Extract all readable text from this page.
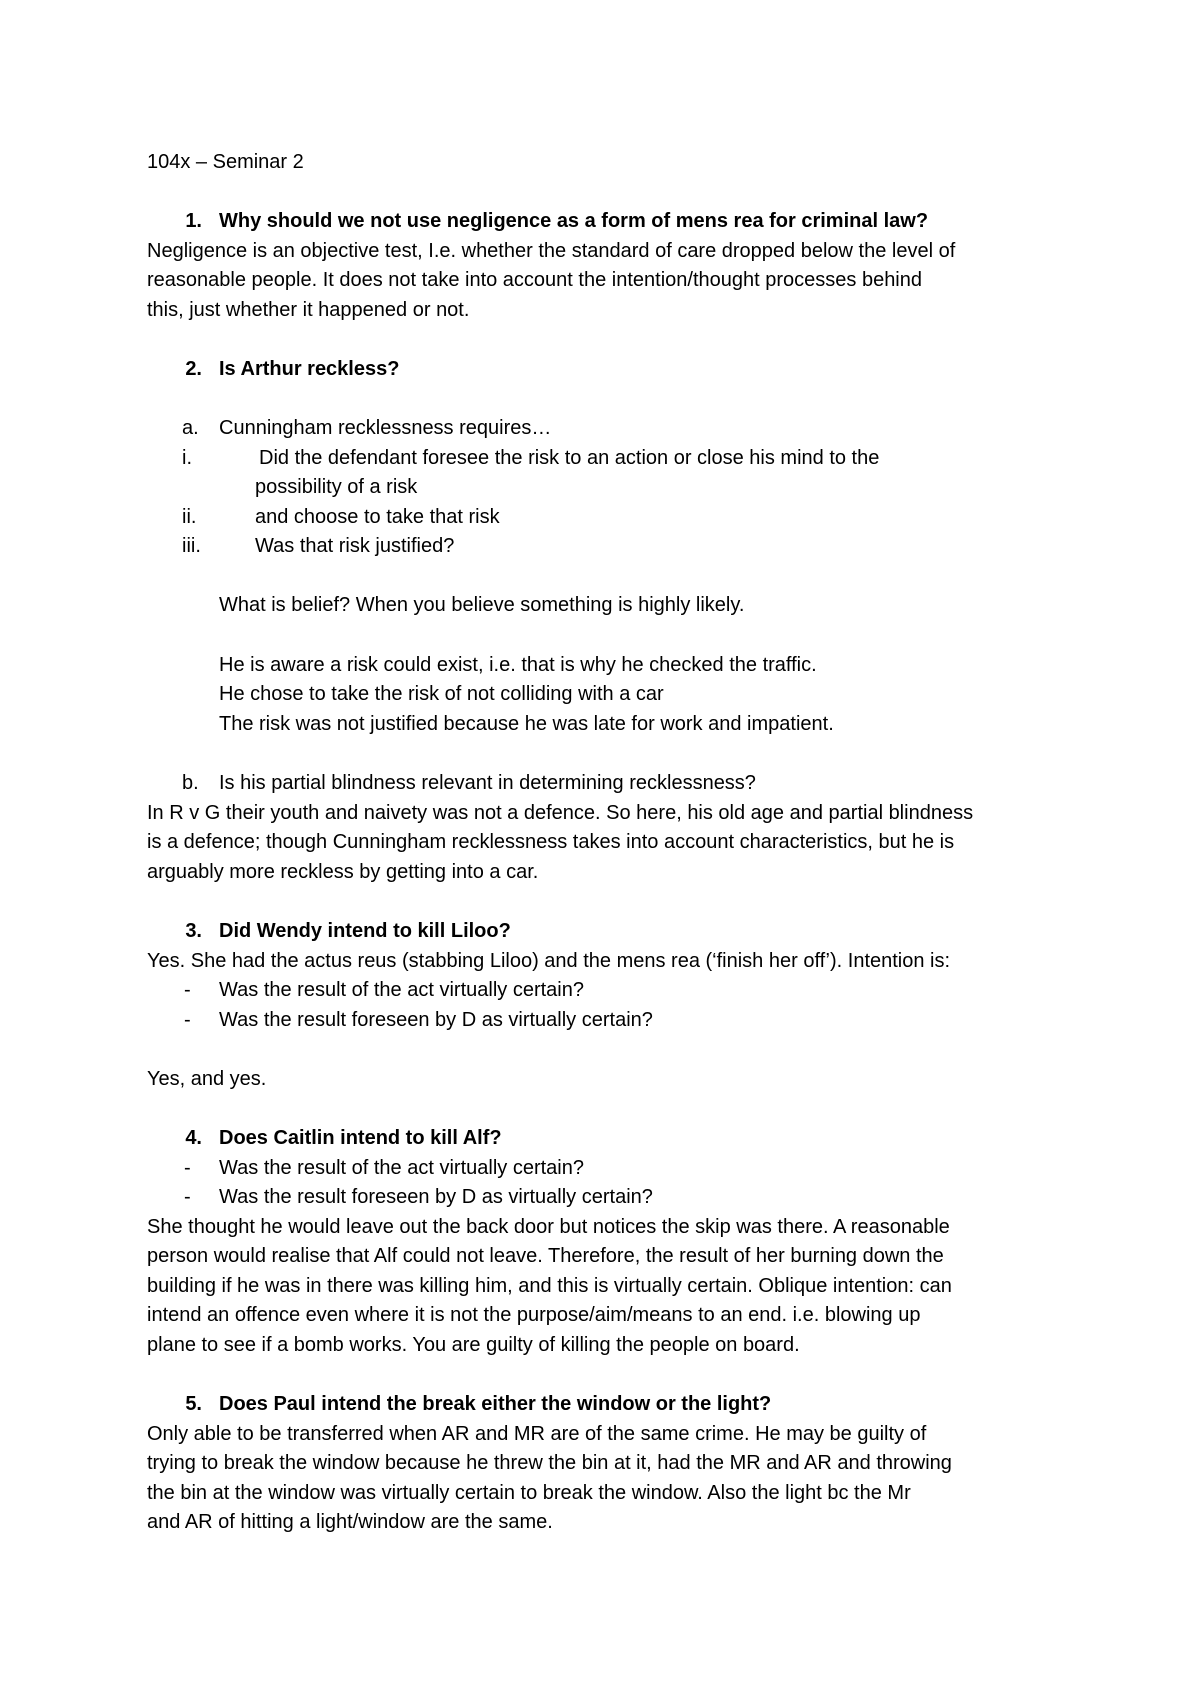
104x – Seminar 2
1. Why should we not use negligence as a form of mens rea for criminal law?
Negligence is an objective test, I.e. whether the standard of care dropped below the level of
reasonable people. It does not take into account the intention/thought processes behind
this, just whether it happened or not.
2. Is Arthur reckless?
a. Cunningham recklessness requires…
i.	Did the defendant foresee the risk to an action or close his mind to the
possibility of a risk
ii.	and choose to take that risk
iii.	Was that risk justified?
What is belief? When you believe something is highly likely.
He is aware a risk could exist, i.e. that is why he checked the traffic.
He chose to take the risk of not colliding with a car
The risk was not justified because he was late for work and impatient.
b. Is his partial blindness relevant in determining recklessness?
In R v G their youth and naivety was not a defence. So here, his old age and partial blindness
is a defence; though Cunningham recklessness takes into account characteristics, but he is
arguably more reckless by getting into a car.
3. Did Wendy intend to kill Liloo?
Yes. She had the actus reus (stabbing Liloo) and the mens rea (‘finish her off’). Intention is:
- Was the result of the act virtually certain?
- Was the result foreseen by D as virtually certain?
Yes, and yes.
4. Does Caitlin intend to kill Alf?
- Was the result of the act virtually certain?
- Was the result foreseen by D as virtually certain?
She thought he would leave out the back door but notices the skip was there. A reasonable
person would realise that Alf could not leave. Therefore, the result of her burning down the
building if he was in there was killing him, and this is virtually certain. Oblique intention: can
intend an offence even where it is not the purpose/aim/means to an end. i.e. blowing up
plane to see if a bomb works. You are guilty of killing the people on board.
5. Does Paul intend the break either the window or the light?
Only able to be transferred when AR and MR are of the same crime. He may be guilty of
trying to break the window because he threw the bin at it, had the MR and AR and throwing
the bin at the window was virtually certain to break the window. Also the light bc the Mr
and AR of hitting a light/window are the same.
